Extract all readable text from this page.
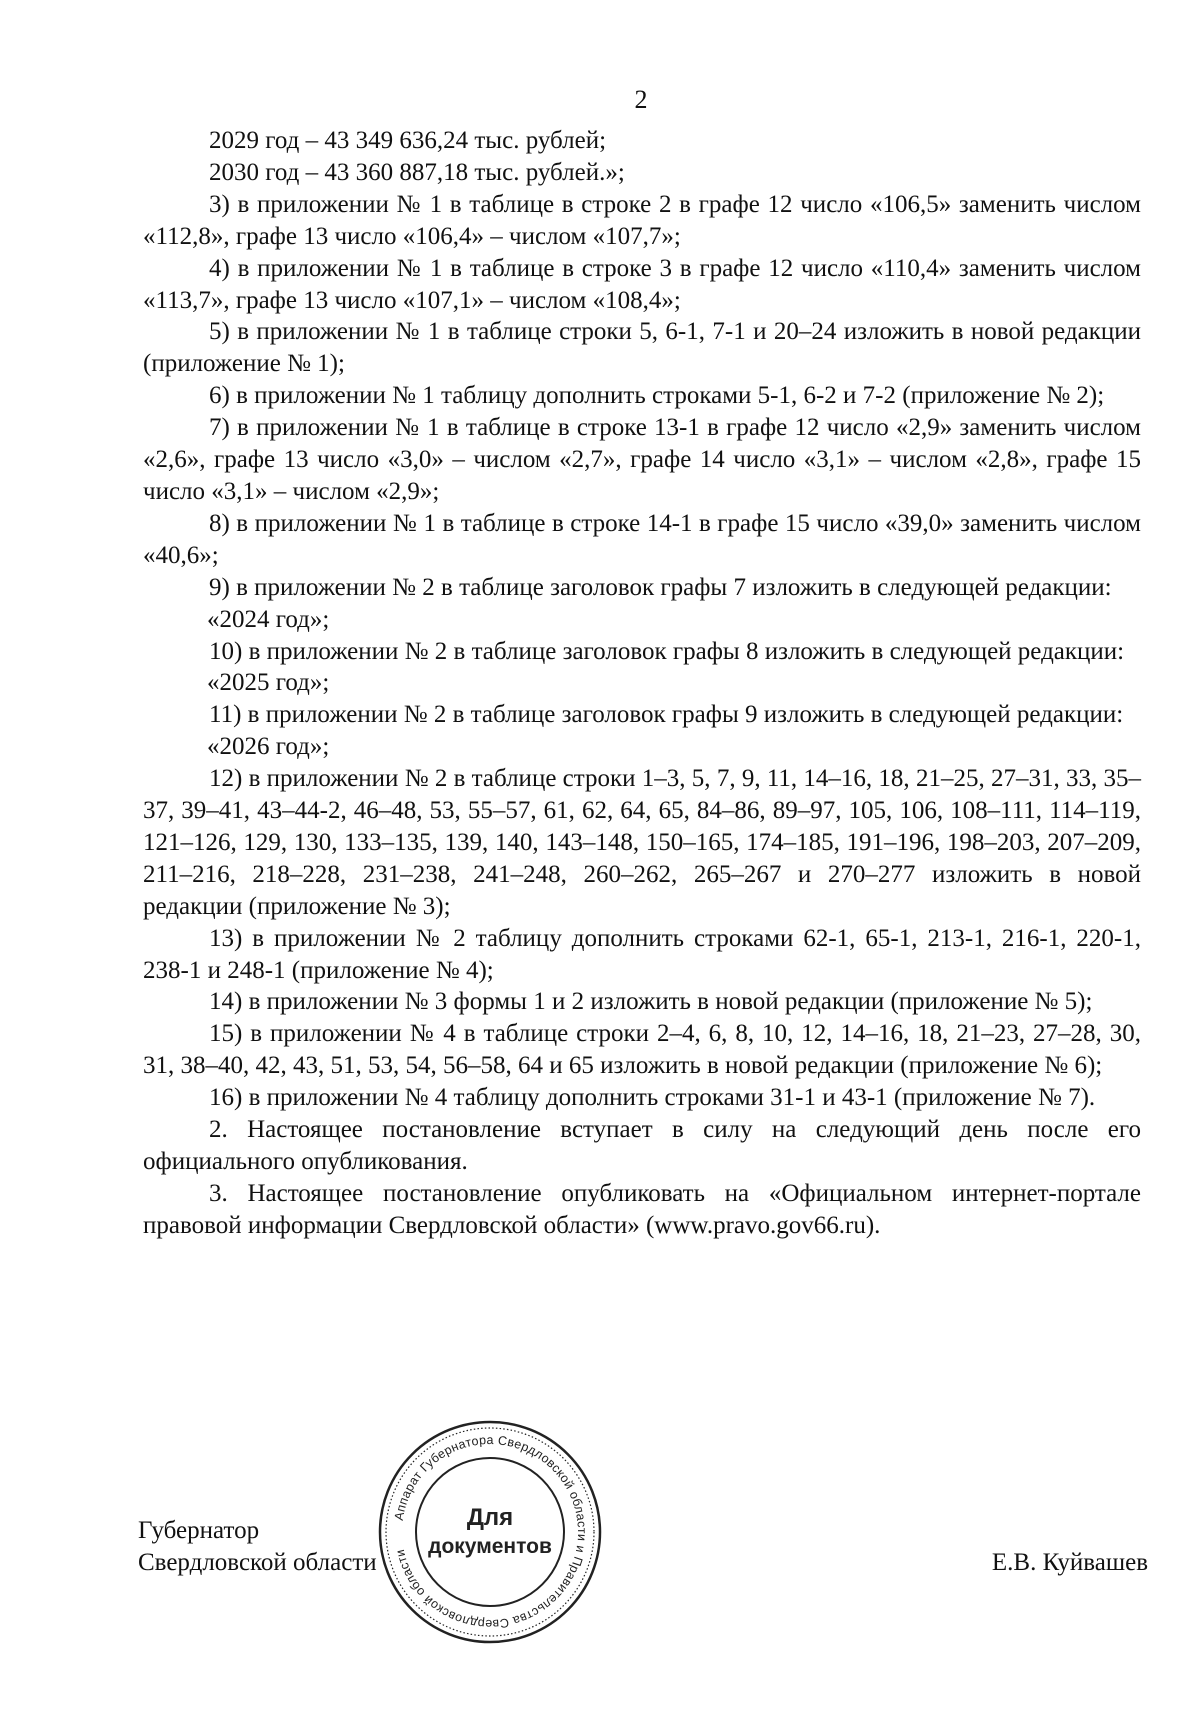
2

2029 год – 43 349 636,24 тыс. рублей;

2030 год – 43 360 887,18 тыс. рублей.»;

3) в приложении № 1 в таблице в строке 2 в графе 12 число «106,5» заменить числом «112,8», графе 13 число «106,4» – числом «107,7»;

4) в приложении № 1 в таблице в строке 3 в графе 12 число «110,4» заменить числом «113,7», графе 13 число «107,1» – числом «108,4»;

5) в приложении № 1 в таблице строки 5, 6-1, 7-1 и 20–24 изложить в новой редакции (приложение № 1);

6) в приложении № 1 таблицу дополнить строками 5-1, 6-2 и 7-2 (приложение № 2);

7) в приложении № 1 в таблице в строке 13-1 в графе 12 число «2,9» заменить числом «2,6», графе 13 число «3,0» – числом «2,7», графе 14 число «3,1» – числом «2,8», графе 15 число «3,1» – числом «2,9»;

8) в приложении № 1 в таблице в строке 14-1 в графе 15 число «39,0» заменить числом «40,6»;

9) в приложении № 2 в таблице заголовок графы 7 изложить в следующей редакции:

«2024 год»;

10) в приложении № 2 в таблице заголовок графы 8 изложить в следующей редакции:

«2025 год»;

11) в приложении № 2 в таблице заголовок графы 9 изложить в следующей редакции:

«2026 год»;

12) в приложении № 2 в таблице строки 1–3, 5, 7, 9, 11, 14–16, 18, 21–25, 27–31, 33, 35–37, 39–41, 43–44-2, 46–48, 53, 55–57, 61, 62, 64, 65, 84–86, 89–97, 105, 106, 108–111, 114–119, 121–126, 129, 130, 133–135, 139, 140, 143–148, 150–165, 174–185, 191–196, 198–203, 207–209, 211–216, 218–228, 231–238, 241–248, 260–262, 265–267 и 270–277 изложить в новой редакции (приложение № 3);

13) в приложении № 2 таблицу дополнить строками 62-1, 65-1, 213-1, 216-1, 220-1, 238-1 и 248-1 (приложение № 4);

14) в приложении № 3 формы 1 и 2 изложить в новой редакции (приложение № 5);

15) в приложении № 4 в таблице строки 2–4, 6, 8, 10, 12, 14–16, 18, 21–23, 27–28, 30, 31, 38–40, 42, 43, 51, 53, 54, 56–58, 64 и 65 изложить в новой редакции (приложение № 6);

16) в приложении № 4 таблицу дополнить строками 31-1 и 43-1 (приложение № 7).

2. Настоящее постановление вступает в силу на следующий день после его официального опубликования.

3. Настоящее постановление опубликовать на «Официальном интернет-портале правовой информации Свердловской области» (www.pravo.gov66.ru).

Губернатор
Свердловской области
Аппарат Губернатора Свердловской области и Правительства Свердловской области
Для
документов
Е.В. Куйвашев
